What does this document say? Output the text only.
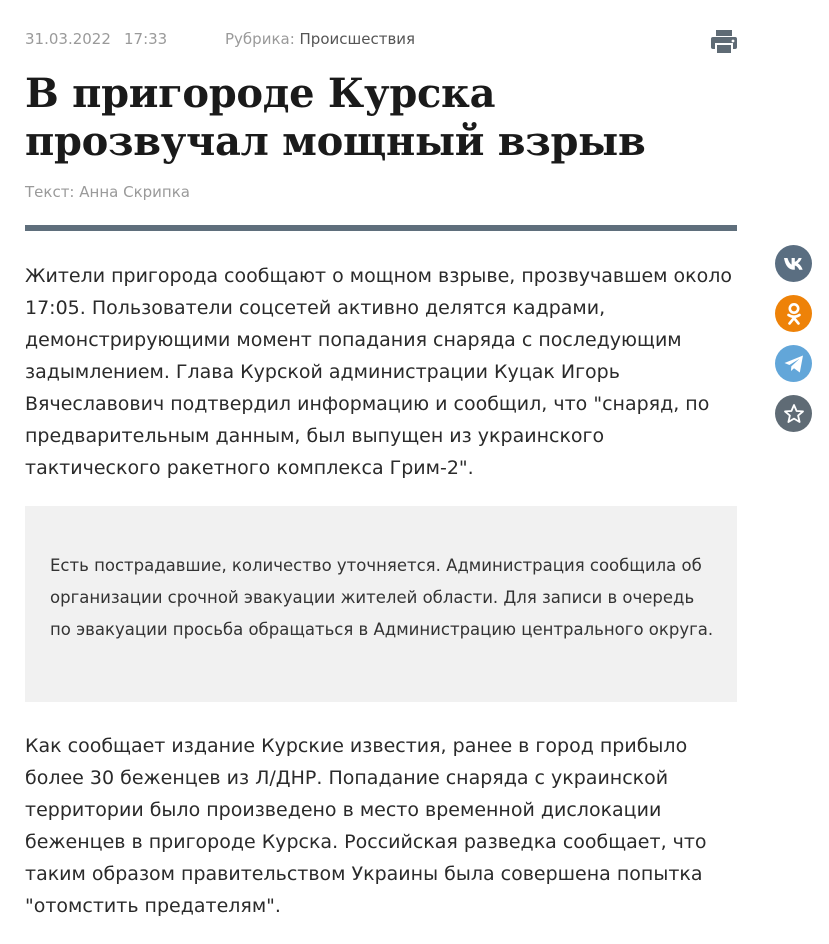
31.03.2022 17:33	Рубрика: Происшествия
В пригороде Курска прозвучал мощный взрыв
Текст: Анна Скрипка

Жители пригорода сообщают о мощном взрыве, прозвучавшем около 17:05. Пользователи соцсетей активно делятся кадрами, демонстрирующими момент попадания снаряда с последующим задымлением. Глава Курской администрации Куцак Игорь Вячеславович подтвердил информацию и сообщил, что "снаряд, по предварительным данным, был выпущен из украинского тактического ракетного комплекса Грим-2".

Есть пострадавшие, количество уточняется. Администрация сообщила об организации срочной эвакуации жителей области. Для записи в очередь по эвакуации просьба обращаться в Администрацию центрального округа.

Как сообщает издание Курские известия, ранее в город прибыло более 30 беженцев из Л/ДНР. Попадание снаряда с украинской территории было произведено в место временной дислокации беженцев в пригороде Курска. Российская разведка сообщает, что таким образом правительством Украины была совершена попытка "отомстить предателям".
